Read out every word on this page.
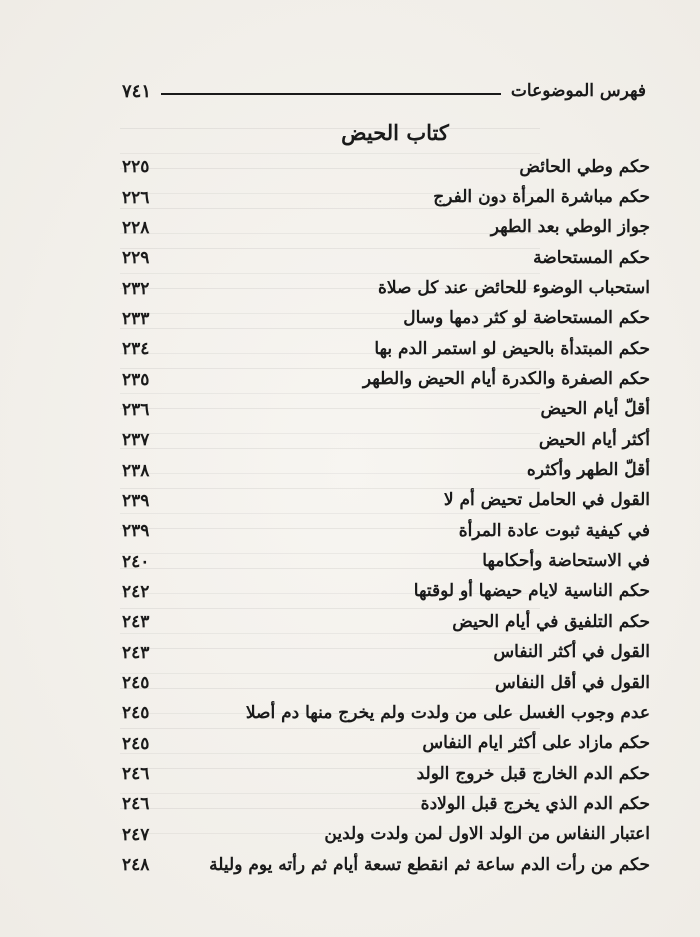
فهرس الموضوعات
٧٤١
كتاب الحيض
حكم وطي الحائض
٢٢٥
حكم مباشرة المرأة دون الفرج
٢٢٦
جواز الوطي بعد الطهر
٢٢٨
حكم المستحاضة
٢٢٩
استحباب الوضوء للحائض عند كل صلاة
٢٣٢
حكم المستحاضة لو كثر دمها وسال
٢٣٣
حكم المبتدأة بالحيض لو استمر الدم بها
٢٣٤
حكم الصفرة والكدرة أيام الحيض والطهر
٢٣٥
أقلّ أيام الحيض
٢٣٦
أكثر أيام الحيض
٢٣٧
أقلّ الطهر وأكثره
٢٣٨
القول في الحامل تحيض أم لا
٢٣٩
في كيفية ثبوت عادة المرأة
٢٣٩
في الاستحاضة وأحكامها
٢٤٠
حكم الناسية لايام حيضها أو لوقتها
٢٤٢
حكم التلفيق في أيام الحيض
٢٤٣
القول في أكثر النفاس
٢٤٣
القول في أقل النفاس
٢٤٥
عدم وجوب الغسل على من ولدت ولم يخرج منها دم أصلا
٢٤٥
حكم مازاد على أكثر ايام النفاس
٢٤٥
حكم الدم الخارج قبل خروج الولد
٢٤٦
حكم الدم الذي يخرج قبل الولادة
٢٤٦
اعتبار النفاس من الولد الاول لمن ولدت ولدين
٢٤٧
حكم من رأت الدم ساعة ثم انقطع تسعة أيام ثم رأته يوم وليلة
٢٤٨
